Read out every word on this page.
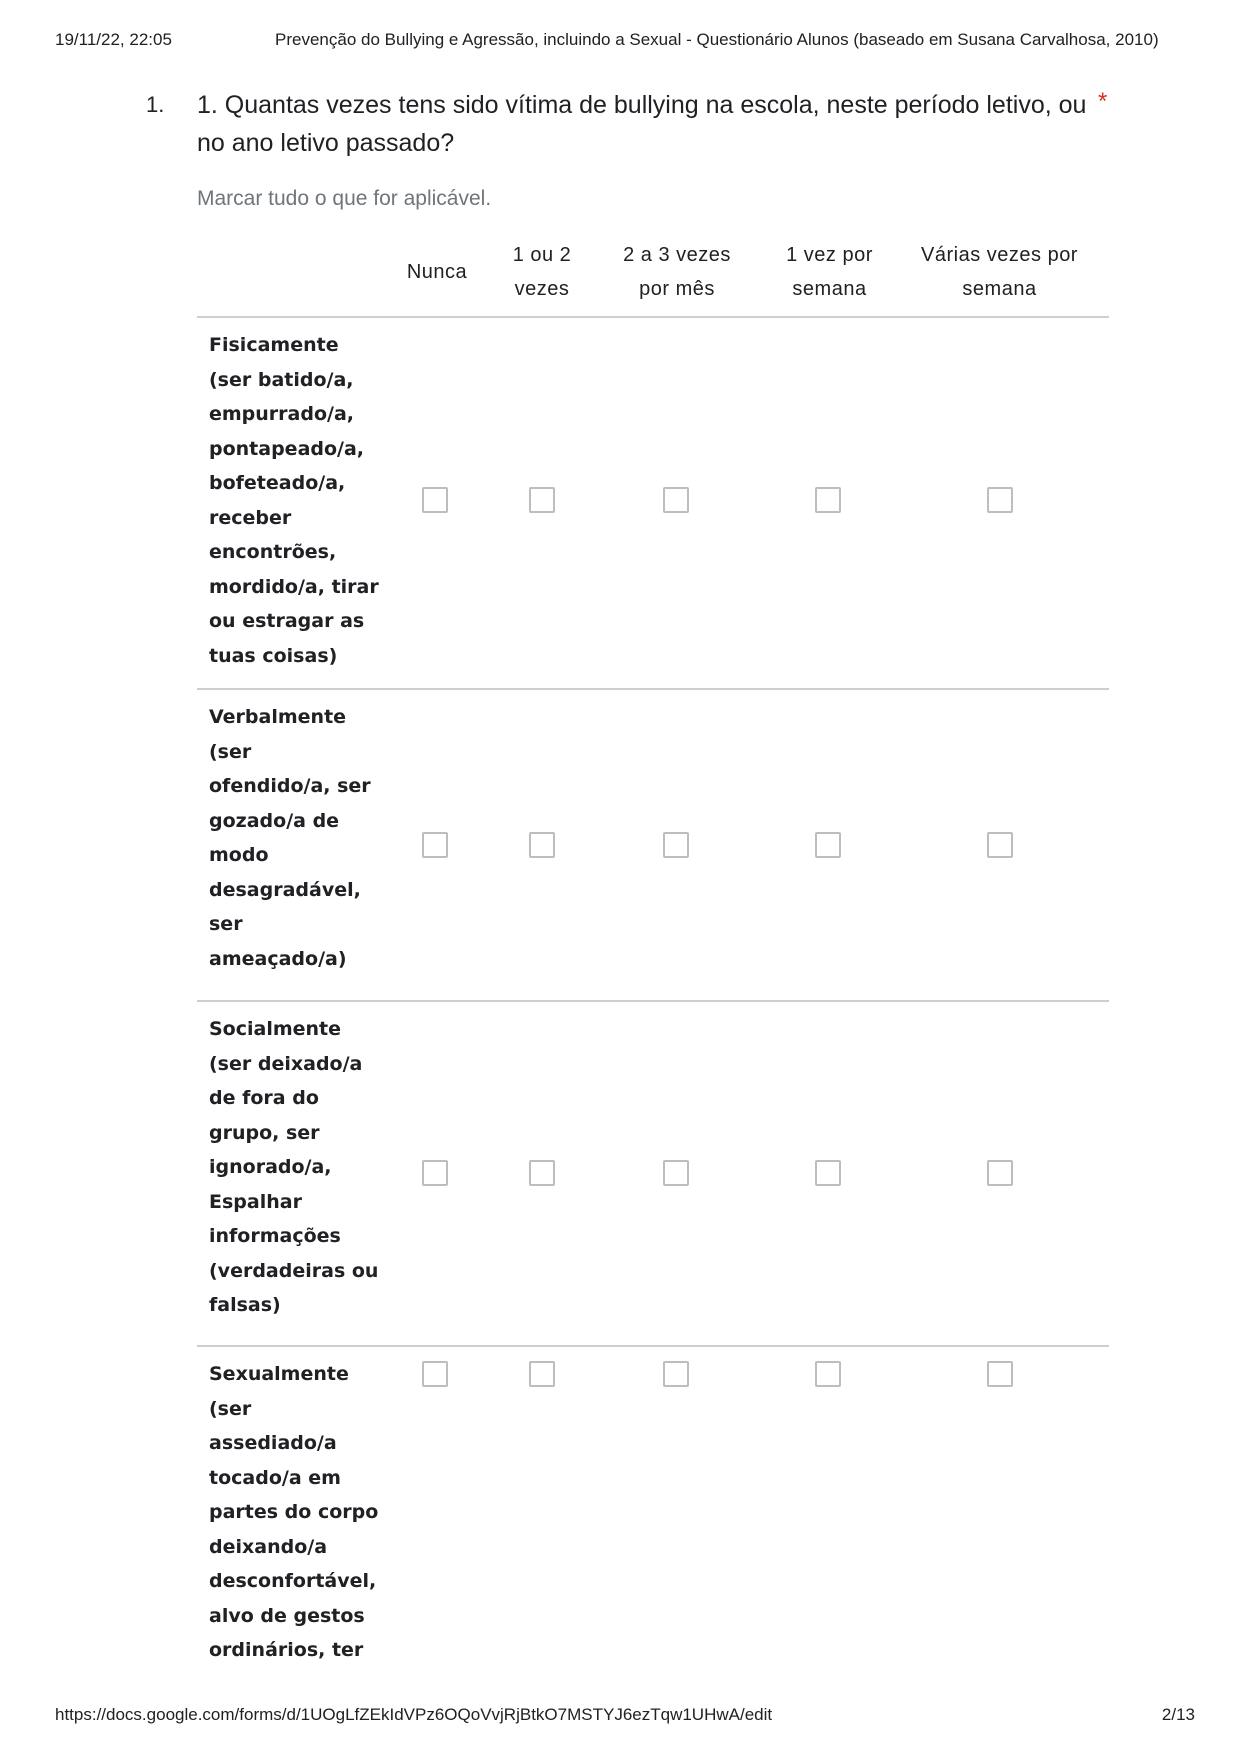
19/11/22, 22:05	Prevenção do Bullying e Agressão, incluindo a Sexual - Questionário Alunos (baseado em Susana Carvalhosa, 2010)
1. 1. Quantas vezes tens sido vítima de bullying na escola, neste período letivo, ou no ano letivo passado?
*
Marcar tudo o que for aplicável.
Nunca
1 ou 2
vezes
2 a 3 vezes
por mês
1 vez por
semana
Várias vezes por
semana
Fisicamente (ser batido/a, empurrado/a, pontapeado/a, bofeteado/a, receber encontrões, mordido/a, tirar ou estragar as tuas coisas)
Verbalmente (ser ofendido/a, ser gozado/a de modo desagradável, ser ameaçado/a)
Socialmente (ser deixado/a de fora do grupo, ser ignorado/a, Espalhar informações (verdadeiras ou falsas)
Sexualmente (ser assediado/a tocado/a em partes do corpo deixando/a desconfortável, alvo de gestos ordinários, ter
https://docs.google.com/forms/d/1UOgLfZEkIdVPz6OQoVvjRjBtkO7MSTYJ6ezTqw1UHwA/edit	2/13
